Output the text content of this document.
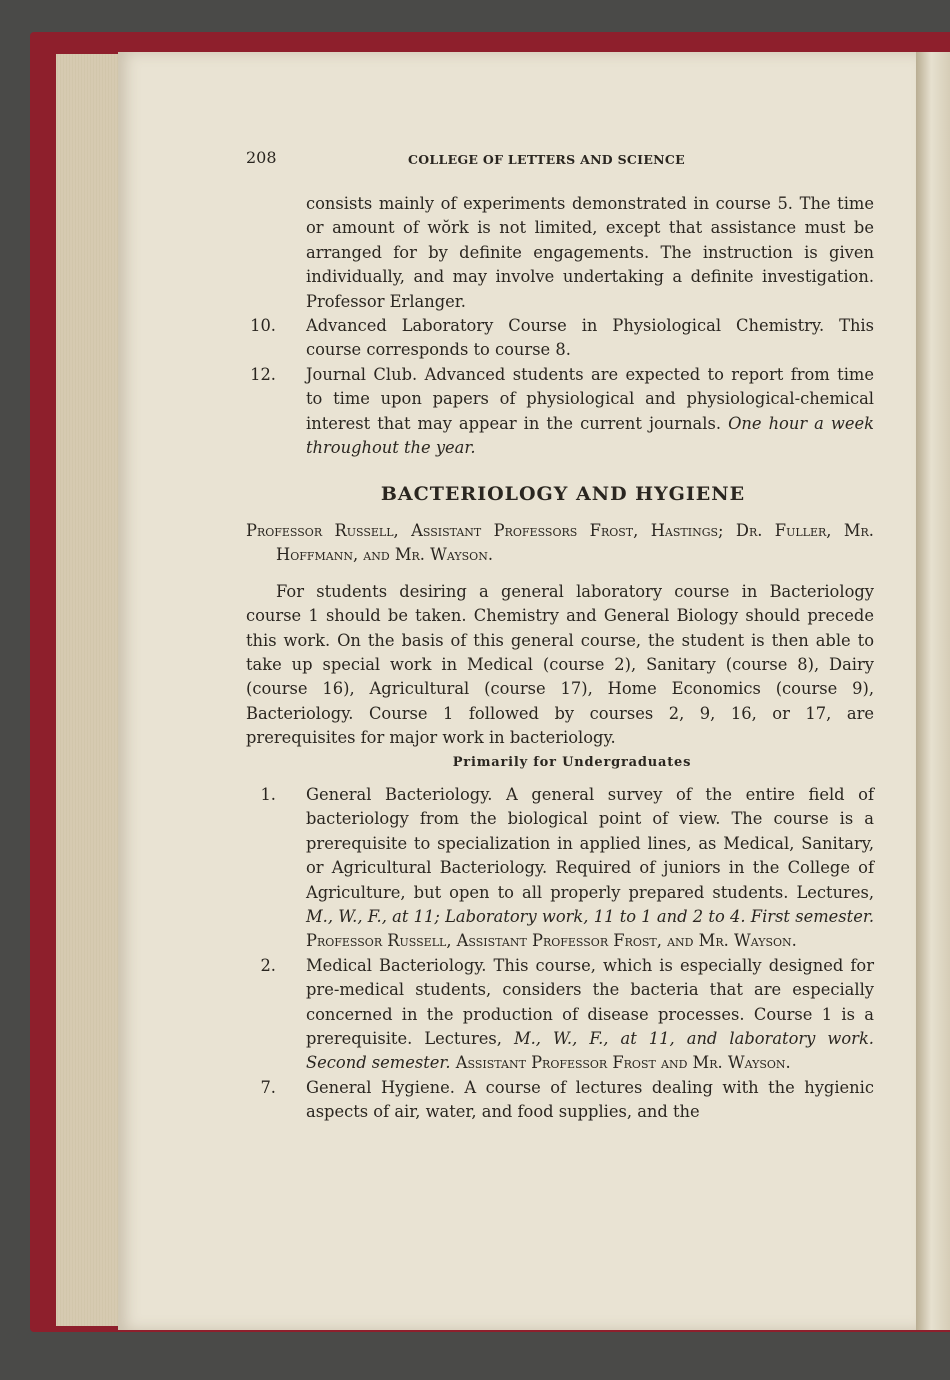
208	COLLEGE OF LETTERS AND SCIENCE
consists mainly of experiments demonstrated in course 5. The time or amount of wŏrk is not limited, except that assistance must be arranged for by definite engagements. The instruction is given individually, and may involve undertaking a definite investigation. Professor Erlanger.
10. Advanced Laboratory Course in Physiological Chemistry. This course corresponds to course 8.
12. Journal Club. Advanced students are expected to report from time to time upon papers of physiological and physiological-chemical interest that may appear in the current journals. One hour a week throughout the year.
BACTERIOLOGY AND HYGIENE
Professor Russell, Assistant Professors Frost, Hastings; Dr. Fuller, Mr. Hoffmann, and Mr. Wayson.
For students desiring a general laboratory course in Bacteriology course 1 should be taken. Chemistry and General Biology should precede this work. On the basis of this general course, the student is then able to take up special work in Medical (course 2), Sanitary (course 8), Dairy (course 16), Agricultural (course 17), Home Economics (course 9), Bacteriology. Course 1 followed by courses 2, 9, 16, or 17, are prerequisites for major work in bacteriology.
Primarily for Undergraduates
1. General Bacteriology. A general survey of the entire field of bacteriology from the biological point of view. The course is a prerequisite to specialization in applied lines, as Medical, Sanitary, or Agricultural Bacteriology. Required of juniors in the College of Agriculture, but open to all properly prepared students. Lectures, M., W., F., at 11; Laboratory work, 11 to 1 and 2 to 4. First semester. Professor Russell, Assistant Professor Frost, and Mr. Wayson.
2. Medical Bacteriology. This course, which is especially designed for pre-medical students, considers the bacteria that are especially concerned in the production of disease processes. Course 1 is a prerequisite. Lectures, M., W., F., at 11, and laboratory work. Second semester. Assistant Professor Frost and Mr. Wayson.
7. General Hygiene. A course of lectures dealing with the hygienic aspects of air, water, and food supplies, and the
